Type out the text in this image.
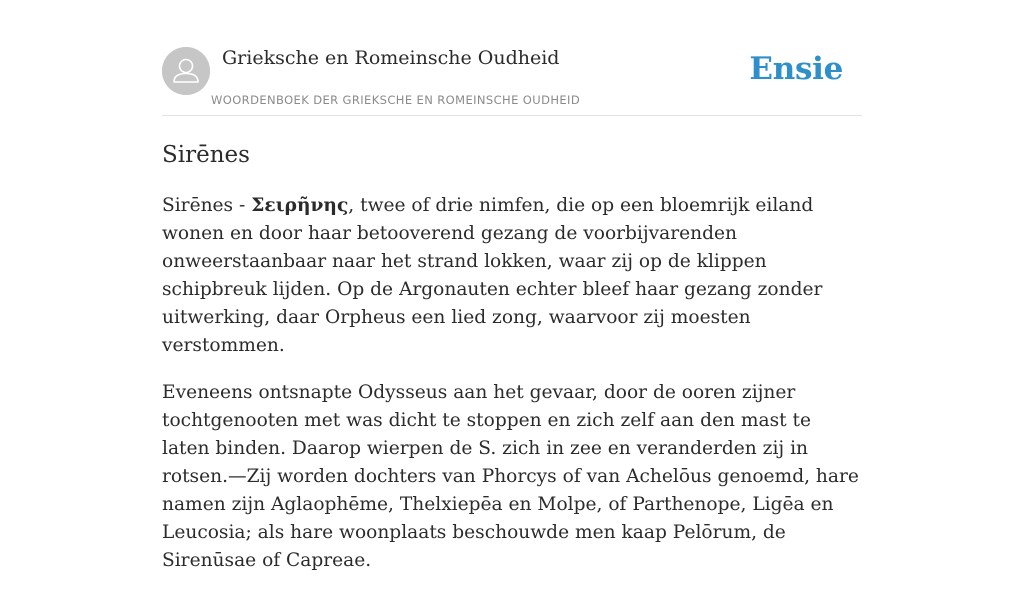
Grieksche en Romeinsche Oudheid
WOORDENBOEK DER GRIEKSCHE EN ROMEINSCHE OUDHEID
Ensie
Sirēnes

Sirēnes - Σειρῆνης, twee of drie nimfen, die op een bloemrijk eiland wonen en door haar betooverend gezang de voorbijvarenden onweerstaanbaar naar het strand lokken, waar zij op de klippen schipbreuk lijden. Op de Argonauten echter bleef haar gezang zonder uitwerking, daar Orpheus een lied zong, waarvoor zij moesten verstommen.

Eveneens ontsnapte Odysseus aan het gevaar, door de ooren zijner tochtgenooten met was dicht te stoppen en zich zelf aan den mast te laten binden. Daarop wierpen de S. zich in zee en veranderden zij in rotsen.—Zij worden dochters van Phorcys of van Achelōus genoemd, hare namen zijn Aglaophēme, Thelxiepēa en Molpe, of Parthenope, Ligēa en Leucosia; als hare woonplaats beschouwde men kaap Pelōrum, de Sirenūsae of Capreae.
